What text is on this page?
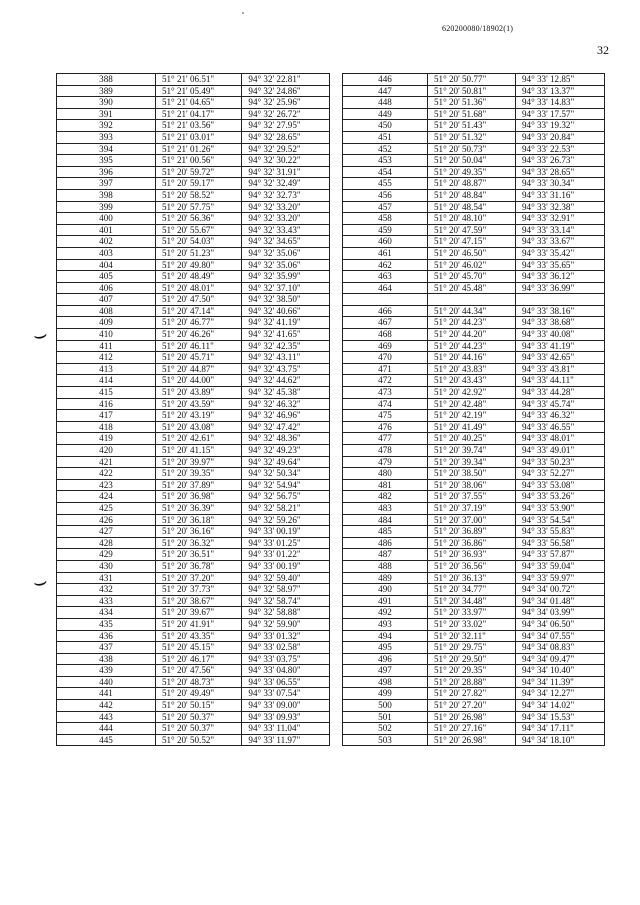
620200080/18902(1)
32
388	51° 21' 06.51"	94° 32' 22.81"
389	51° 21' 05.49"	94° 32' 24.86"
390	51° 21' 04.65"	94° 32' 25.96"
391	51° 21' 04.17"	94° 32' 26.72"
392	51° 21' 03.56"	94° 32' 27.95"
393	51° 21' 03.01"	94° 32' 28.65"
394	51° 21' 01.26"	94° 32' 29.52"
395	51° 21' 00.56"	94° 32' 30.22"
396	51° 20' 59.72"	94° 32' 31.91"
397	51° 20' 59.17"	94° 32' 32.49"
398	51° 20' 58.52"	94° 32' 32.73"
399	51° 20' 57.75"	94° 32' 33.20"
400	51° 20' 56.36"	94° 32' 33.20"
401	51° 20' 55.67"	94° 32' 33.43"
402	51° 20' 54.03"	94° 32' 34.65"
403	51° 20' 51.23"	94° 32' 35.06"
404	51° 20' 49.80"	94° 32' 35.06"
405	51° 20' 48.49"	94° 32' 35.99"
406	51° 20' 48.01"	94° 32' 37.10"
407	51° 20' 47.50"	94° 32' 38.50"
408	51° 20' 47.14"	94° 32' 40.66"
409	51° 20' 46.77"	94° 32' 41.19"
410	51° 20' 46.26"	94° 32' 41.65"
411	51° 20' 46.11"	94° 32' 42.35"
412	51° 20' 45.71"	94° 32' 43.11"
413	51° 20' 44.87"	94° 32' 43.75"
414	51° 20' 44.00"	94° 32' 44.62"
415	51° 20' 43.89"	94° 32' 45.38"
416	51° 20' 43.59"	94° 32' 46.32"
417	51° 20' 43.19"	94° 32' 46.96"
418	51° 20' 43.08"	94° 32' 47.42"
419	51° 20' 42.61"	94° 32' 48.36"
420	51° 20' 41.15"	94° 32' 49.23"
421	51° 20' 39.97"	94° 32' 49.64"
422	51° 20' 39.35"	94° 32' 50.34"
423	51° 20' 37.89"	94° 32' 54.94"
424	51° 20' 36.98"	94° 32' 56.75"
425	51° 20' 36.39"	94° 32' 58.21"
426	51° 20' 36.18"	94° 32' 59.26"
427	51° 20' 36.16"	94° 33' 00.19"
428	51° 20' 36.32"	94° 33' 01.25"
429	51° 20' 36.51"	94° 33' 01.22"
430	51° 20' 36.78"	94° 33' 00.19"
431	51° 20' 37.20"	94° 32' 59.40"
432	51° 20' 37.73"	94° 32' 58.97"
433	51° 20' 38.67"	94° 32' 58.74"
434	51° 20' 39.67"	94° 32' 58.88"
435	51° 20' 41.91"	94° 32' 59.90"
436	51° 20' 43.35"	94° 33' 01.32"
437	51° 20' 45.15"	94° 33' 02.58"
438	51° 20' 46.17"	94° 33' 03.75"
439	51° 20' 47.56"	94° 33' 04.80"
440	51° 20' 48.73"	94° 33' 06.55"
441	51° 20' 49.49"	94° 33' 07.54"
442	51° 20' 50.15"	94° 33' 09.00"
443	51° 20' 50.37"	94° 33' 09.93"
444	51° 20' 50.37"	94° 33' 11.04"
445	51° 20' 50.52"	94° 33' 11.97"
446	51° 20' 50.77"	94° 33' 12.85"
447	51° 20' 50.81"	94° 33' 13.37"
448	51° 20' 51.36"	94° 33' 14.83"
449	51° 20' 51.68"	94° 33' 17.57"
450	51° 20' 51.43"	94° 33' 19.32"
451	51° 20' 51.32"	94° 33' 20.84"
452	51° 20' 50.73"	94° 33' 22.53"
453	51° 20' 50.04"	94° 33' 26.73"
454	51° 20' 49.35"	94° 33' 28.65"
455	51° 20' 48.87"	94° 33' 30.34"
456	51° 20' 48.84"	94° 33' 31.16"
457	51° 20' 48.54"	94° 33' 32.38"
458	51° 20' 48.10"	94° 33' 32.91"
459	51° 20' 47.59"	94° 33' 33.14"
460	51° 20' 47.15"	94° 33' 33.67"
461	51° 20' 46.50"	94° 33' 35.42"
462	51° 20' 46.02"	94° 33' 35.65"
463	51° 20' 45.70"	94° 33' 36.12"
464	51° 20' 45.48"	94° 33' 36.99"

466	51° 20' 44.34"	94° 33' 38.16"
467	51° 20' 44.23"	94° 33' 38.68"
468	51° 20' 44.20"	94° 33' 40.08"
469	51° 20' 44.23"	94° 33' 41.19"
470	51° 20' 44.16"	94° 33' 42.65"
471	51° 20' 43.83"	94° 33' 43.81"
472	51° 20' 43.43"	94° 33' 44.11"
473	51° 20' 42.92"	94° 33' 44.28"
474	51° 20' 42.48"	94° 33' 45.74"
475	51° 20' 42.19"	94° 33' 46.32"
476	51° 20' 41.49"	94° 33' 46.55"
477	51° 20' 40.25"	94° 33' 48.01"
478	51° 20' 39.74"	94° 33' 49.01"
479	51° 20' 39.34"	94° 33' 50.23"
480	51° 20' 38.50"	94° 33' 52.27"
481	51° 20' 38.06"	94° 33' 53.08"
482	51° 20' 37.55"	94° 33' 53.26"
483	51° 20' 37.19"	94° 33' 53.90"
484	51° 20' 37.00"	94° 33' 54.54"
485	51° 20' 36.89"	94° 33' 55.83"
486	51° 20' 36.86"	94° 33' 56.58"
487	51° 20' 36.93"	94° 33' 57.87"
488	51° 20' 36.56"	94° 33' 59.04"
489	51° 20' 36.13"	94° 33' 59.97"
490	51° 20' 34.77"	94° 34' 00.72"
491	51° 20' 34.48"	94° 34' 01.48"
492	51° 20' 33.97"	94° 34' 03.99"
493	51° 20' 33.02"	94° 34' 06.50"
494	51° 20' 32.11"	94° 34' 07.55"
495	51° 20' 29.75"	94° 34' 08.83"
496	51° 20' 29.50"	94° 34' 09.47"
497	51° 20' 29.35"	94° 34' 10.40"
498	51° 20' 28.88"	94° 34' 11.39"
499	51° 20' 27.82"	94° 34' 12.27"
500	51° 20' 27.20"	94° 34' 14.02"
501	51° 20' 26.98"	94° 34' 15.53"
502	51° 20' 27.16"	94° 34' 17.11"
503	51° 20' 26.98"	94° 34' 18.10"
⌣
⌣
